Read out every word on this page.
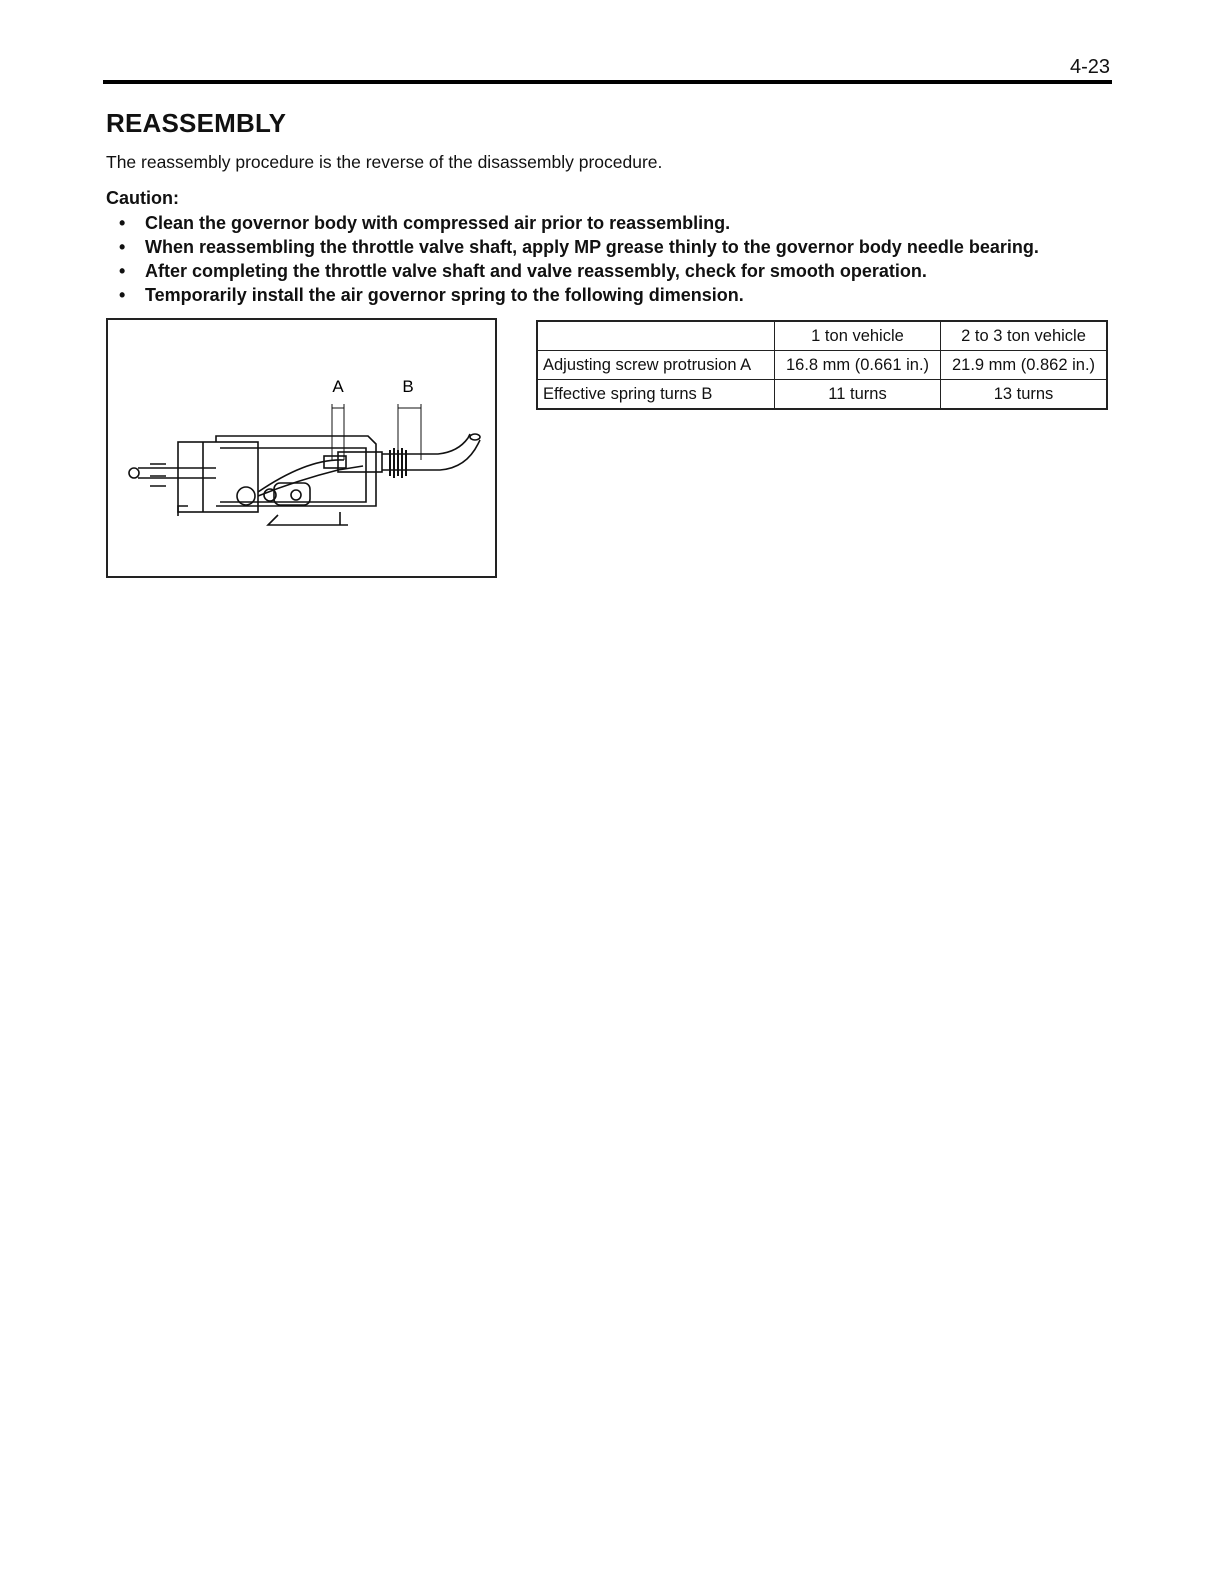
4-23
REASSEMBLY
The reassembly procedure is the reverse of the disassembly procedure.
Caution:
• Clean the governor body with compressed air prior to reassembling.
• When reassembling the throttle valve shaft, apply MP grease thinly to the governor body needle bearing.
• After completing the throttle valve shaft and valve reassembly, check for smooth operation.
• Temporarily install the air governor spring to the following dimension.
A	B
	1 ton vehicle	2 to 3 ton vehicle
Adjusting screw protrusion A	16.8 mm (0.661 in.)	21.9 mm (0.862 in.)
Effective spring turns B	11 turns	13 turns
